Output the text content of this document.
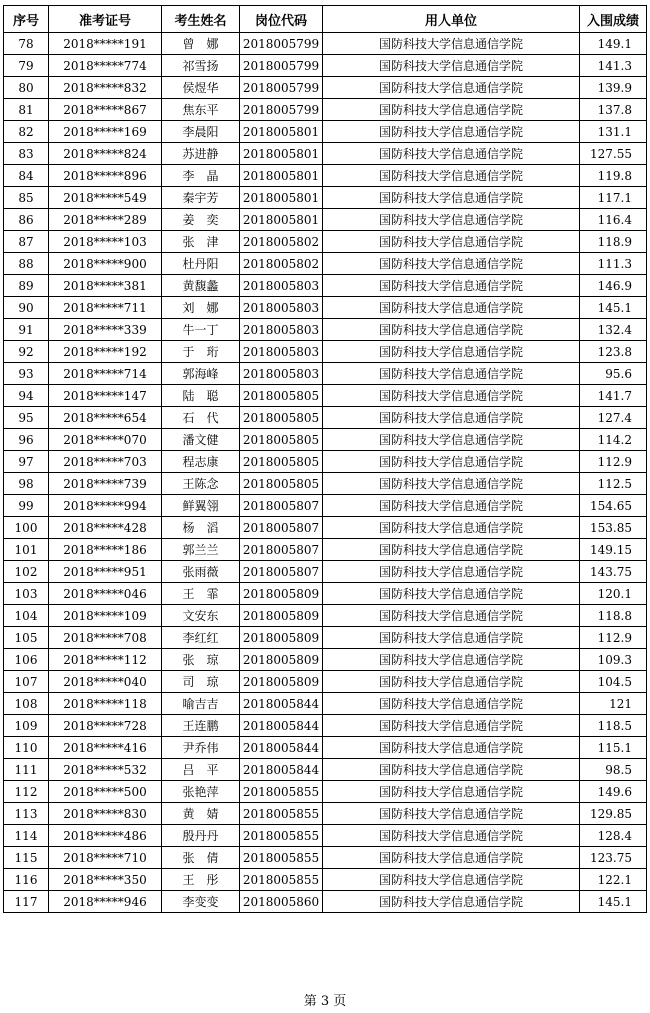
序号	准考证号	考生姓名	岗位代码	用人单位	入围成绩
78	2018*****191	曾　娜	2018005799	国防科技大学信息通信学院	149.1
79	2018*****774	祁雪扬	2018005799	国防科技大学信息通信学院	141.3
80	2018*****832	侯煜华	2018005799	国防科技大学信息通信学院	139.9
81	2018*****867	焦东平	2018005799	国防科技大学信息通信学院	137.8
82	2018*****169	李晨阳	2018005801	国防科技大学信息通信学院	131.1
83	2018*****824	苏进静	2018005801	国防科技大学信息通信学院	127.55
84	2018*****896	李　晶	2018005801	国防科技大学信息通信学院	119.8
85	2018*****549	秦宇芳	2018005801	国防科技大学信息通信学院	117.1
86	2018*****289	姜　奕	2018005801	国防科技大学信息通信学院	116.4
87	2018*****103	张　津	2018005802	国防科技大学信息通信学院	118.9
88	2018*****900	杜丹阳	2018005802	国防科技大学信息通信学院	111.3
89	2018*****381	黄馥蠡	2018005803	国防科技大学信息通信学院	146.9
90	2018*****711	刘　娜	2018005803	国防科技大学信息通信学院	145.1
91	2018*****339	牛一丁	2018005803	国防科技大学信息通信学院	132.4
92	2018*****192	于　珩	2018005803	国防科技大学信息通信学院	123.8
93	2018*****714	郭海峰	2018005803	国防科技大学信息通信学院	95.6
94	2018*****147	陆　聪	2018005805	国防科技大学信息通信学院	141.7
95	2018*****654	石　代	2018005805	国防科技大学信息通信学院	127.4
96	2018*****070	潘文健	2018005805	国防科技大学信息通信学院	114.2
97	2018*****703	程志康	2018005805	国防科技大学信息通信学院	112.9
98	2018*****739	王陈念	2018005805	国防科技大学信息通信学院	112.5
99	2018*****994	鲜翼翎	2018005807	国防科技大学信息通信学院	154.65
100	2018*****428	杨　滔	2018005807	国防科技大学信息通信学院	153.85
101	2018*****186	郭兰兰	2018005807	国防科技大学信息通信学院	149.15
102	2018*****951	张雨薇	2018005807	国防科技大学信息通信学院	143.75
103	2018*****046	王　霏	2018005809	国防科技大学信息通信学院	120.1
104	2018*****109	文安东	2018005809	国防科技大学信息通信学院	118.8
105	2018*****708	李红红	2018005809	国防科技大学信息通信学院	112.9
106	2018*****112	张　琼	2018005809	国防科技大学信息通信学院	109.3
107	2018*****040	司　琼	2018005809	国防科技大学信息通信学院	104.5
108	2018*****118	喻吉吉	2018005844	国防科技大学信息通信学院	121
109	2018*****728	王连鹏	2018005844	国防科技大学信息通信学院	118.5
110	2018*****416	尹乔伟	2018005844	国防科技大学信息通信学院	115.1
111	2018*****532	吕　平	2018005844	国防科技大学信息通信学院	98.5
112	2018*****500	张艳萍	2018005855	国防科技大学信息通信学院	149.6
113	2018*****830	黄　婧	2018005855	国防科技大学信息通信学院	129.85
114	2018*****486	殷丹丹	2018005855	国防科技大学信息通信学院	128.4
115	2018*****710	张　倩	2018005855	国防科技大学信息通信学院	123.75
116	2018*****350	王　彤	2018005855	国防科技大学信息通信学院	122.1
117	2018*****946	李变变	2018005860	国防科技大学信息通信学院	145.1
第 3 页
